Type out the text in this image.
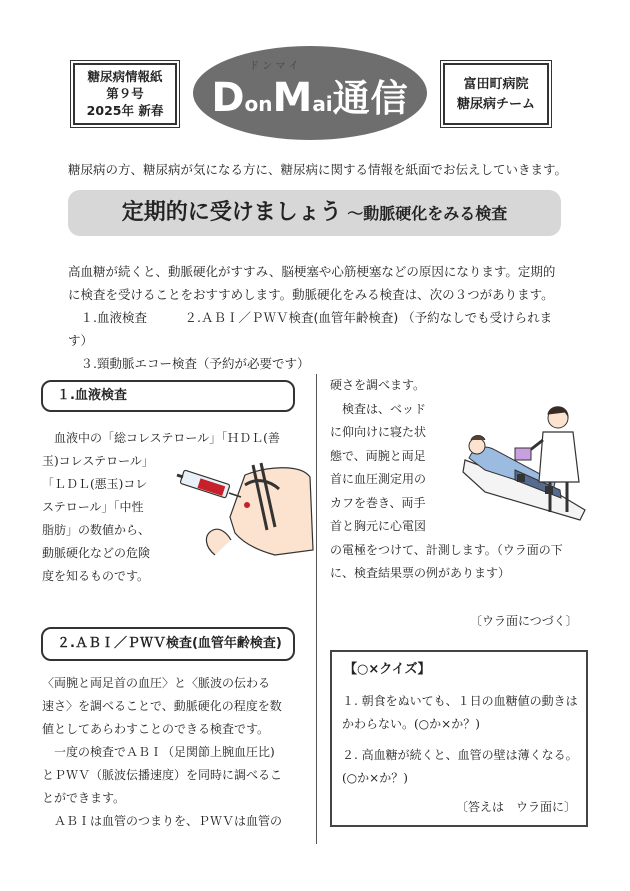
糖尿病情報紙
第９号
2025年 新春
ド ン マ イ
DonMai通信	富田町病院
糖尿病チーム
糖尿病の方、糖尿病が気になる方に、糖尿病に関する情報を紙面でお伝えしていきます。
定期的に受けましょう ～動脈硬化をみる検査
高血糖が続くと、動脈硬化がすすみ、脳梗塞や心筋梗塞などの原因になります。定期的
に検査を受けることをおすすめします。動脈硬化をみる検査は、次の３つがあります。
　１.血液検査　　　２.ＡＢＩ／ＰＷＶ検査(血管年齢検査) （予約なしでも受けられます）
　３.頸動脈エコー検査（予約が必要です）
１.血液検査
　血液中の「総コレステロール」「ＨＤＬ(善
玉)コレステロール」
「ＬＤＬ(悪玉)コレ
ステロール」「中性
脂肪」の数値から、
動脈硬化などの危険
度を知るものです。
硬さを調べます。
　検査は、ベッド
に仰向けに寝た状
態で、両腕と両足
首に血圧測定用の
カフを巻き、両手
首と胸元に心電図
の電極をつけて、計測します。（ウラ面の下
に、検査結果票の例があります）
〔ウラ面につづく〕
２.ＡＢＩ／ＰＷＶ検査(血管年齢検査)
〈両腕と両足首の血圧〉と〈脈波の伝わる
速さ〉を調べることで、動脈硬化の程度を数
値としてあらわすことのできる検査です。
　一度の検査でＡＢＩ（足関節上腕血圧比)
とＰＷＶ（脈波伝播速度）を同時に調べるこ
とができます。
　ＡＢＩは血管のつまりを、ＰＷＶは血管の
【○×クイズ】
１. 朝食をぬいても、１日の血糖値の動きはかわらない。(○か×か？)
２. 高血糖が続くと、血管の壁は薄くなる。(○か×か？)
〔答えは　ウラ面に〕
